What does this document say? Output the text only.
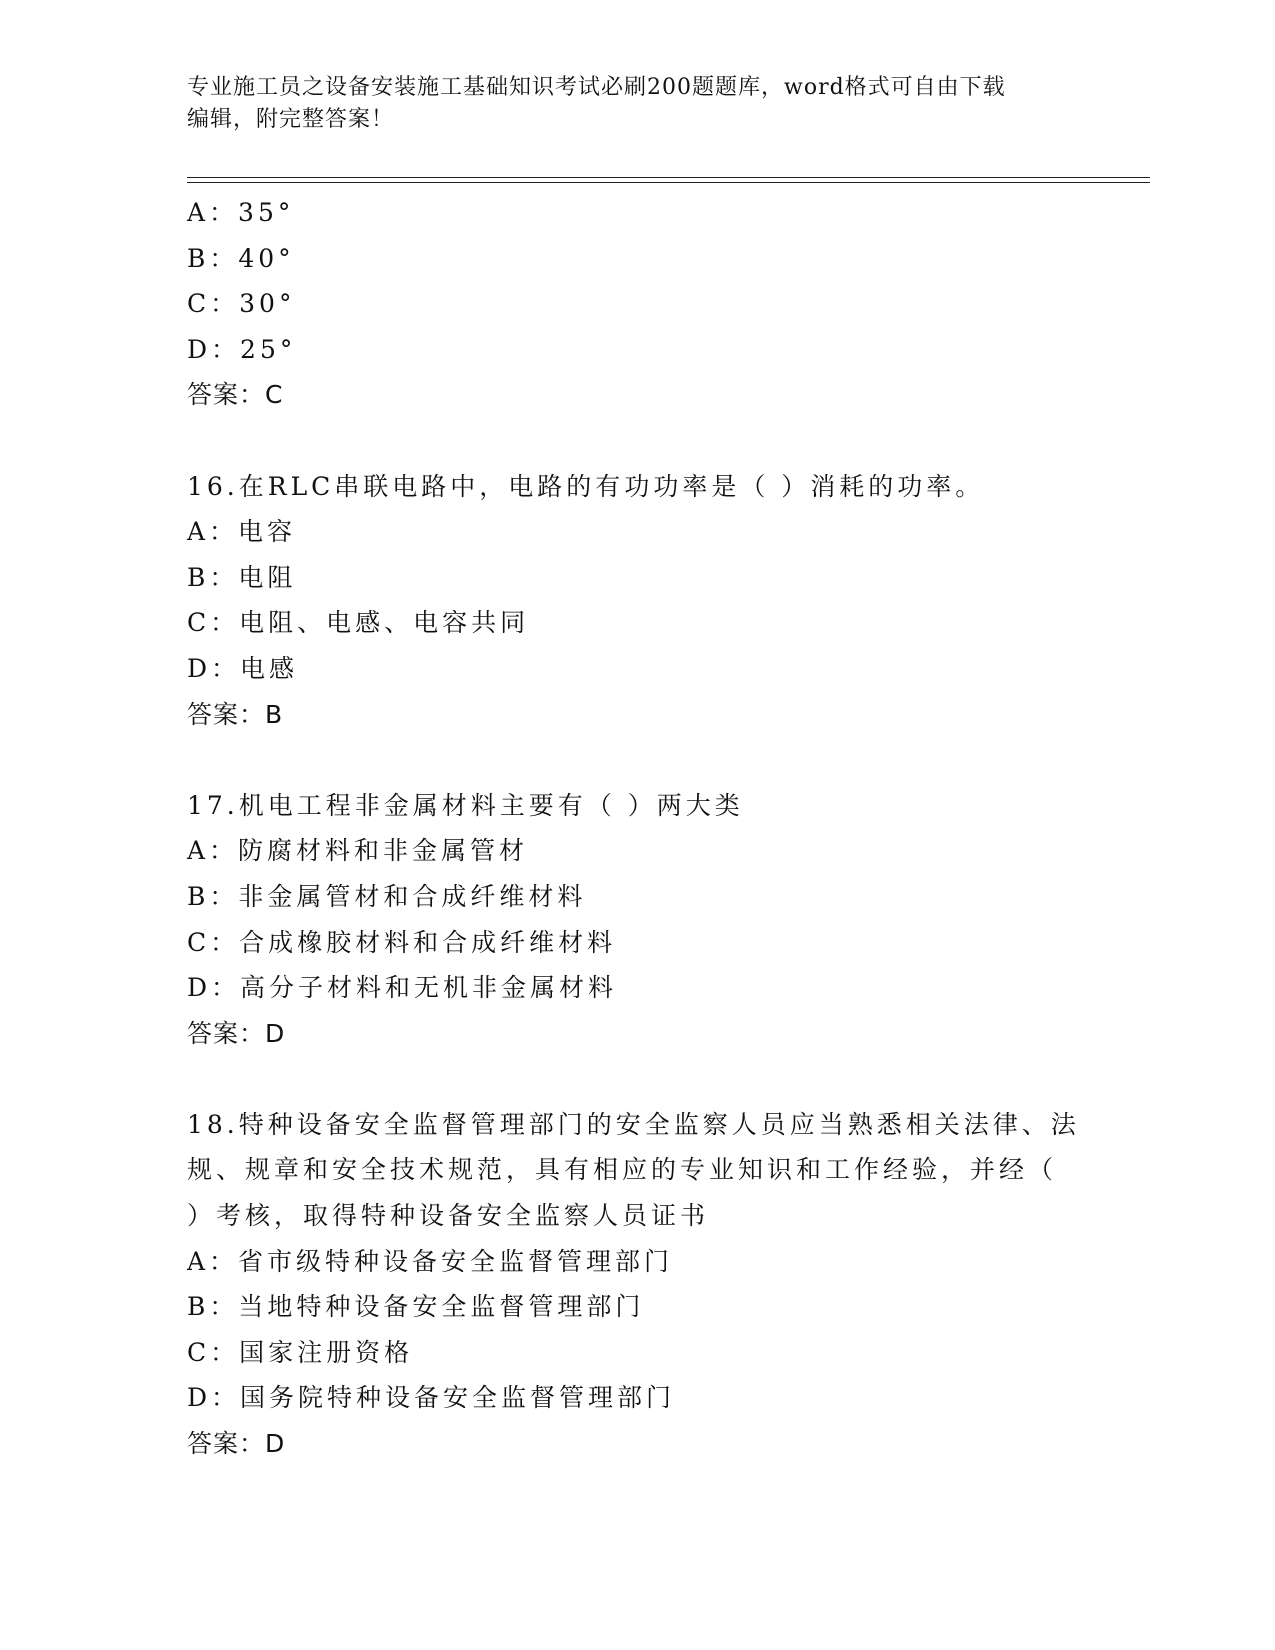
专业施工员之设备安装施工基础知识考试必刷200题题库，word格式可自由下载
编辑，附完整答案！
A：35°
B：40°
C：30°
D：25°
答案：C
16.在RLC串联电路中，电路的有功功率是（ ）消耗的功率。
A：电容
B：电阻
C：电阻、电感、电容共同
D：电感
答案：B
17.机电工程非金属材料主要有（ ）两大类
A：防腐材料和非金属管材
B：非金属管材和合成纤维材料
C：合成橡胶材料和合成纤维材料
D：高分子材料和无机非金属材料
答案：D
18.特种设备安全监督管理部门的安全监察人员应当熟悉相关法律、法
规、规章和安全技术规范，具有相应的专业知识和工作经验，并经（
）考核，取得特种设备安全监察人员证书
A：省市级特种设备安全监督管理部门
B：当地特种设备安全监督管理部门
C：国家注册资格
D：国务院特种设备安全监督管理部门
答案：D
